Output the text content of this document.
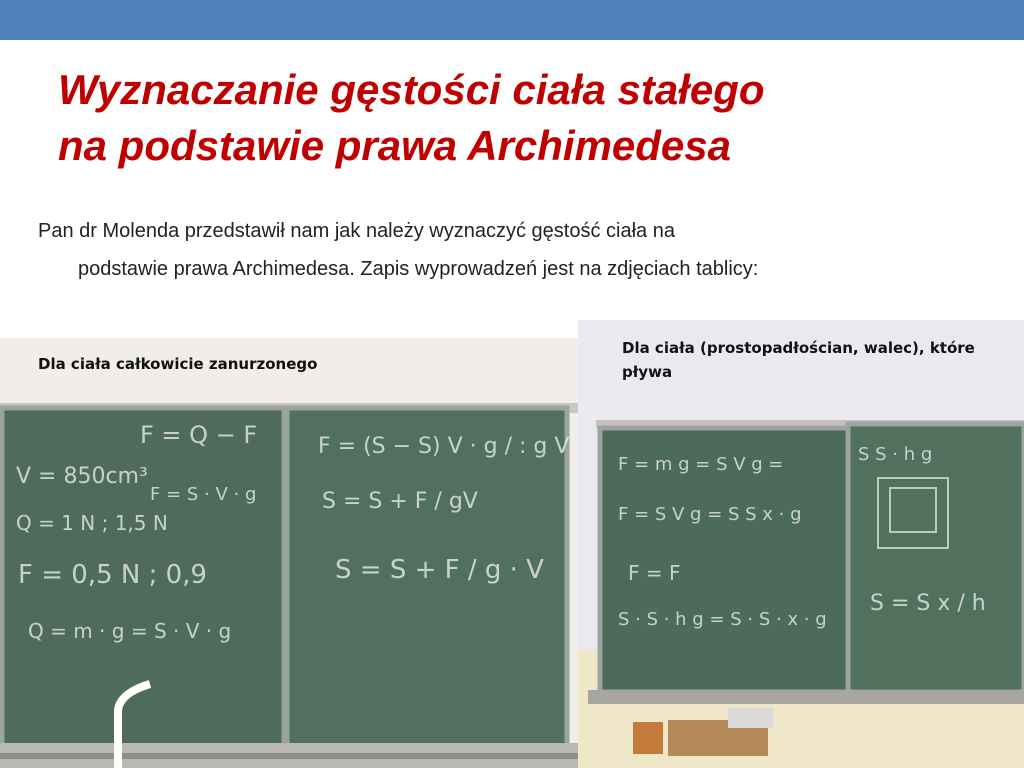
Wyznaczanie gęstości ciała stałego
na podstawie prawa Archimedesa
Pan dr Molenda przedstawił nam jak należy wyznaczyć gęstość ciała na
podstawie prawa Archimedesa. Zapis wyprowadzeń jest na zdjęciach tablicy:
F = Q − F
V = 850cm³
F = S · V · g
Q = 1 N ; 1,5 N
F = 0,5 N ; 0,9
Q = m · g = S · V · g
F = (S − S) V · g / : g V
S = S + F / gV
S = S + F / g · V
Dla ciała całkowicie zanurzonego
F = m g = S V g =
F = S V g = S S x · g
F = F
S · S · h g = S · S · x · g
S S · h g
S = S x / h
Dla ciała (prostopadłościan, walec), które pływa
